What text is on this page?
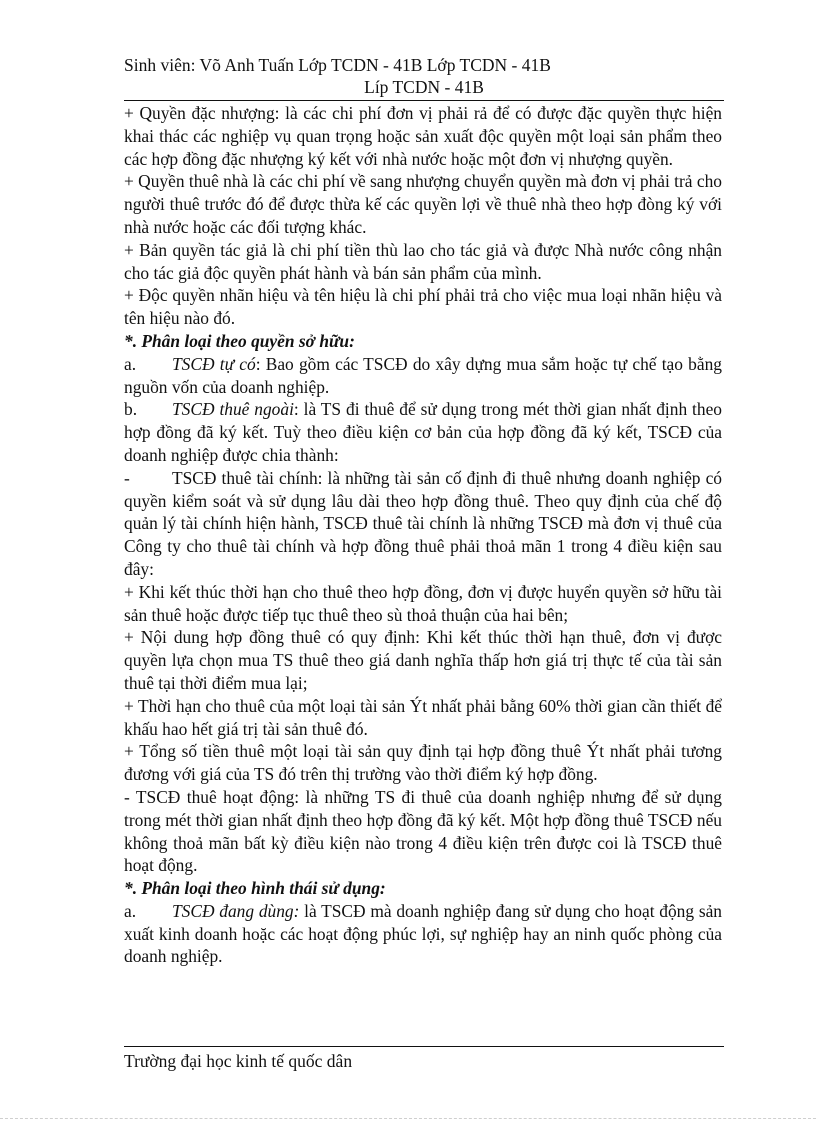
Sinh viên: Võ Anh Tuấn Lớp TCDN - 41B Lớp TCDN - 41B
Líp TCDN - 41B

+ Quyền đặc nhượng: là các chi phí đơn vị phải rả để có được đặc quyền thực hiện khai thác các nghiệp vụ quan trọng hoặc sản xuất độc quyền một loại sản phẩm theo các hợp đồng đặc nhượng ký kết với nhà nước hoặc một đơn vị nhượng quyền.

+ Quyền thuê nhà là các chi phí về sang nhượng chuyển quyền mà đơn vị phải trả cho người thuê trước đó để được thừa kế các quyền lợi về thuê nhà theo hợp đòng ký với nhà nước hoặc các đối tượng khác.

+ Bản quyền tác giả là chi phí tiền thù lao cho tác giả và được Nhà nước công nhận cho tác giả độc quyền phát hành và bán sản phẩm của mình.

+ Độc quyền nhãn hiệu và tên hiệu là chi phí phải trả cho việc mua loại nhãn hiệu và tên hiệu nào đó.

*. Phân loại theo quyền sở hữu:

a. TSCĐ tự có: Bao gồm các TSCĐ do xây dựng mua sắm hoặc tự chế tạo bằng nguồn vốn của doanh nghiệp.

b. TSCĐ thuê ngoài: là TS đi thuê để sử dụng trong mét thời gian nhất định theo hợp đồng đã ký kết. Tuỳ theo điều kiện cơ bản của hợp đồng đã ký kết, TSCĐ của doanh nghiệp được chia thành:

- TSCĐ thuê tài chính: là những tài sản cố định đi thuê nhưng doanh nghiệp có quyền kiểm soát và sử dụng lâu dài theo hợp đồng thuê. Theo quy định của chế độ quản lý tài chính hiện hành, TSCĐ thuê tài chính là những TSCĐ mà đơn vị thuê của Công ty cho thuê tài chính và hợp đồng thuê phải thoả mãn 1 trong 4 điều kiện sau đây:

+ Khi kết thúc thời hạn cho thuê theo hợp đồng, đơn vị được huyển quyền sở hữu tài sản thuê hoặc được tiếp tục thuê theo sù thoả thuận của hai bên;

+ Nội dung hợp đồng thuê có quy định: Khi kết thúc thời hạn thuê, đơn vị được quyền lựa chọn mua TS thuê theo giá danh nghĩa thấp hơn giá trị thực tế của tài sản thuê tại thời điểm mua lại;

+ Thời hạn cho thuê của một loại tài sản Ýt nhất phải bằng 60% thời gian cần thiết để khấu hao hết giá trị tài sản thuê đó.

+ Tổng số tiền thuê một loại tài sản quy định tại hợp đồng thuê Ýt nhất phải tương đương với giá của TS đó trên thị trường vào thời điểm ký hợp đồng.

- TSCĐ thuê hoạt động: là những TS đi thuê của doanh nghiệp nhưng để sử dụng trong mét thời gian nhất định theo hợp đồng đã ký kết. Một hợp đồng thuê TSCĐ nếu không thoả mãn bất kỳ điều kiện nào trong 4 điều kiện trên được coi là TSCĐ thuê hoạt động.

*. Phân loại theo hình thái sử dụng:

a. TSCĐ đang dùng: là TSCĐ mà doanh nghiệp đang sử dụng cho hoạt động sản xuất kinh doanh hoặc các hoạt động phúc lợi, sự nghiệp hay an ninh quốc phòng của doanh nghiệp.

Trường đại học kinh tế quốc dân
